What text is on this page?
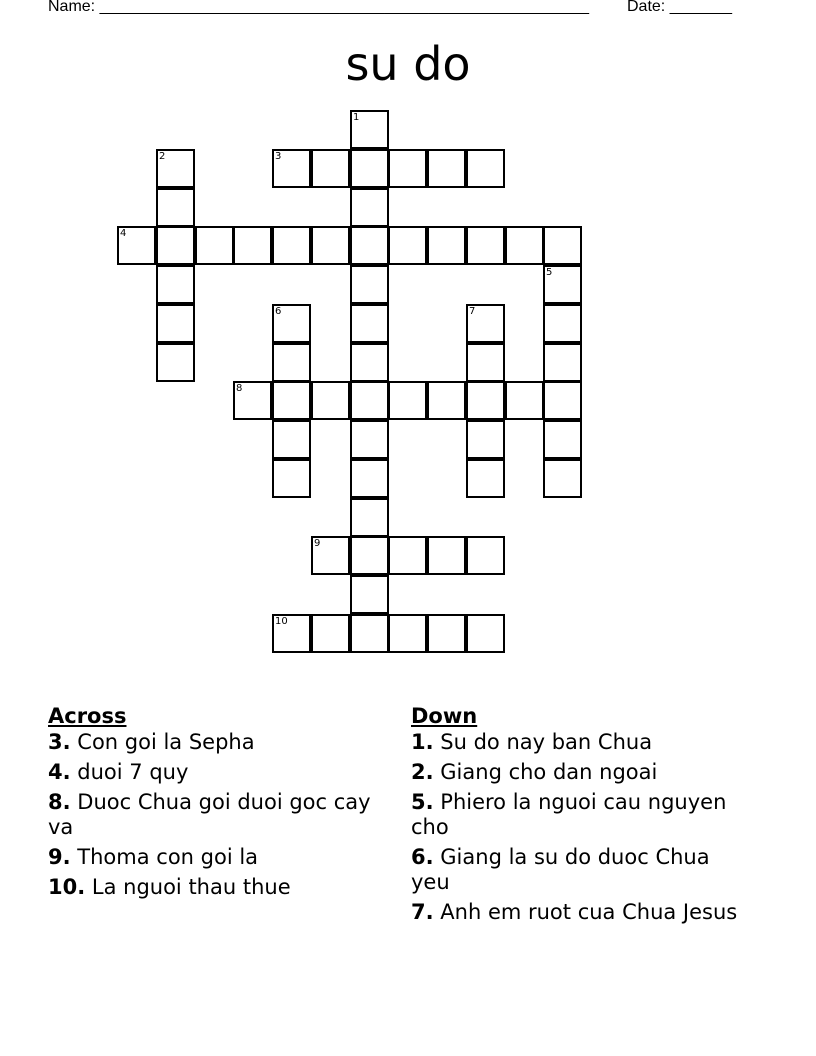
Name: _______________________________________________________ Date: _______
su do
1
2	3
4
5
6	7
8
9
10
Across
3. Con goi la Sepha
4. duoi 7 quy
8. Duoc Chua goi duoi goc cay va
9. Thoma con goi la
10. La nguoi thau thue
Down
1. Su do nay ban Chua
2. Giang cho dan ngoai
5. Phiero la nguoi cau nguyen cho
6. Giang la su do duoc Chua yeu
7. Anh em ruot cua Chua Jesus
